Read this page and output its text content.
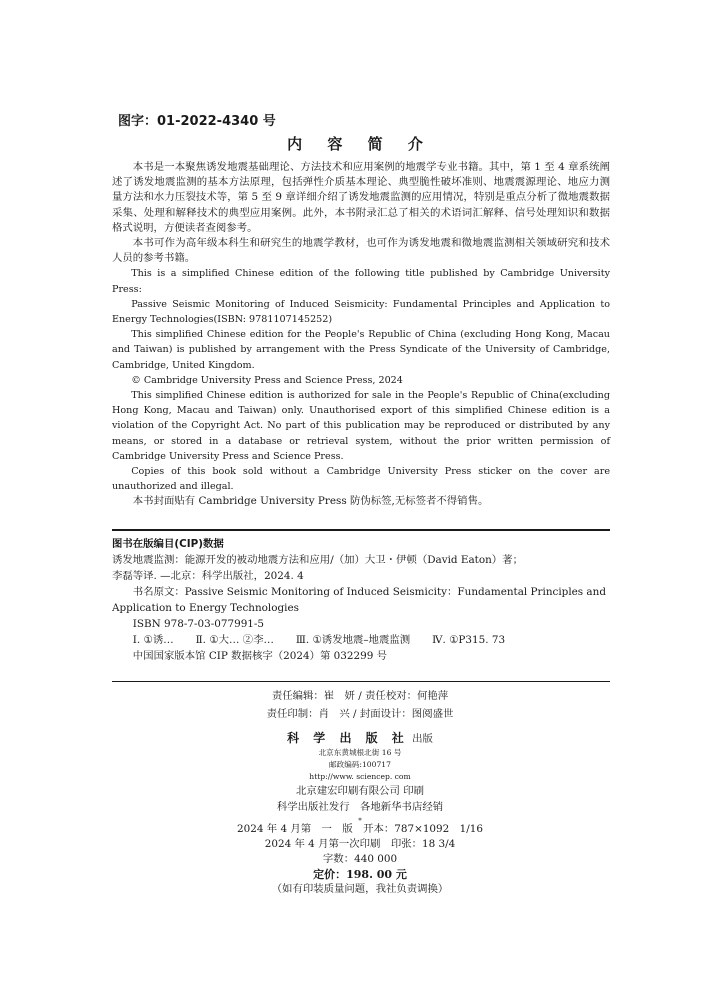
图字：01-2022-4340 号
内 容 简 介

本书是一本聚焦诱发地震基础理论、方法技术和应用案例的地震学专业书籍。其中，第 1 至 4 章系统阐述了诱发地震监测的基本方法原理，包括弹性介质基本理论、典型脆性破坏准则、地震震源理论、地应力测量方法和水力压裂技术等，第 5 至 9 章详细介绍了诱发地震监测的应用情况，特别是重点分析了微地震数据采集、处理和解释技术的典型应用案例。此外，本书附录汇总了相关的术语词汇解释、信号处理知识和数据格式说明，方便读者查阅参考。

本书可作为高年级本科生和研究生的地震学教材，也可作为诱发地震和微地震监测相关领域研究和技术人员的参考书籍。

This is a simplified Chinese edition of the following title published by Cambridge University Press:

Passive Seismic Monitoring of Induced Seismicity: Fundamental Principles and Application to Energy Technologies(ISBN: 9781107145252)

This simplified Chinese edition for the People's Republic of China (excluding Hong Kong, Macau and Taiwan) is published by arrangement with the Press Syndicate of the University of Cambridge, Cambridge, United Kingdom.

© Cambridge University Press and Science Press, 2024

This simplified Chinese edition is authorized for sale in the People's Republic of China(excluding Hong Kong, Macau and Taiwan) only. Unauthorised export of this simplified Chinese edition is a violation of the Copyright Act. No part of this publication may be reproduced or distributed by any means, or stored in a database or retrieval system, without the prior written permission of Cambridge University Press and Science Press.

Copies of this book sold without a Cambridge University Press sticker on the cover are unauthorized and illegal.

本书封面贴有 Cambridge University Press 防伪标签,无标签者不得销售。

图书在版编目(CIP)数据

诱发地震监测：能源开发的被动地震方法和应用/（加）大卫・伊顿（David Eaton）著；

李磊等译. —北京：科学出版社，2024. 4

书名原文：Passive Seismic Monitoring of Induced Seismicity：Fundamental Principles and

Application to Energy Technologies

ISBN 978-7-03-077991-5

Ⅰ. ①诱… Ⅱ. ①大… ②李… Ⅲ. ①诱发地震–地震监测 Ⅳ. ①P315. 73

中国国家版本馆 CIP 数据核字（2024）第 032299 号

责任编辑：崔　妍 / 责任校对：何艳萍
责任印制：肖　兴 / 封面设计：图阅盛世
科 学 出 版 社 出版
北京东黄城根北街 16 号
邮政编码:100717
http://www. sciencep. com
北京建宏印刷有限公司 印刷
科学出版社发行　各地新华书店经销
*
2024 年 4 月第　一　版　开本：787×1092　1/16
2024 年 4 月第一次印刷　印张：18 3/4
字数：440 000
定价：198. 00 元
（如有印装质量问题，我社负责调换）
